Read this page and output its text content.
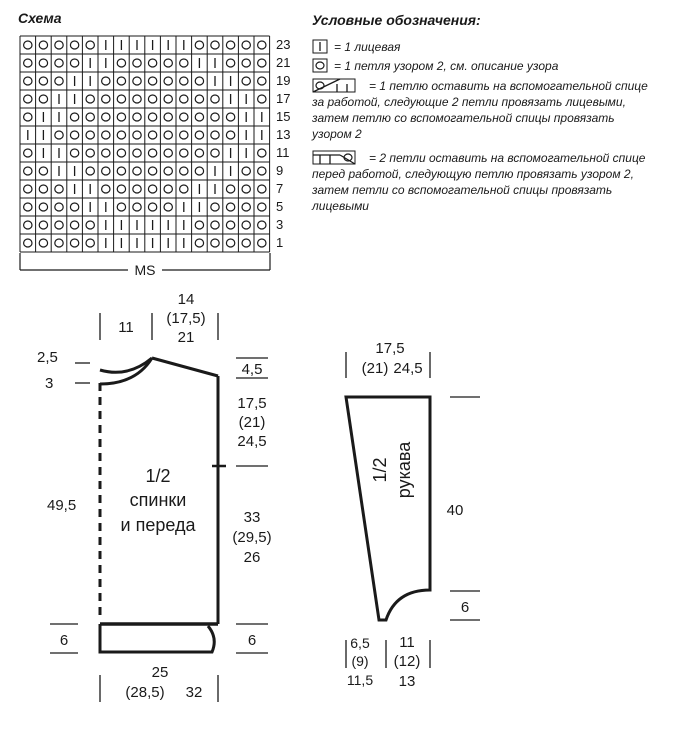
Схема
23
21
19
17
15
13
11
9
7
5
3
1
MS
Условные обозначения:
= 1 лицевая
= 1 петля узором 2, см. описание узора
= 1 петлю оставить на вспомогательной спице
за работой, следующие 2 петли провязать лицевыми,
затем петлю со вспомогательной спицы провязать
узором 2
= 2 петли оставить на вспомогательной спице
перед работой, следующую петлю провязать узором 2,
затем петли со вспомогательной спицы провязать
лицевыми
14
(17,5)
21
11
2,5
3
4,5
17,5
(21)
24,5
49,5
33
(29,5)
26
6	6
25
(28,5) 32
1/2
спинки
и переда
17,5
(21) 24,5
40
6
6,5
(9)
11,5
11
(12)
13
1/2 рукава
